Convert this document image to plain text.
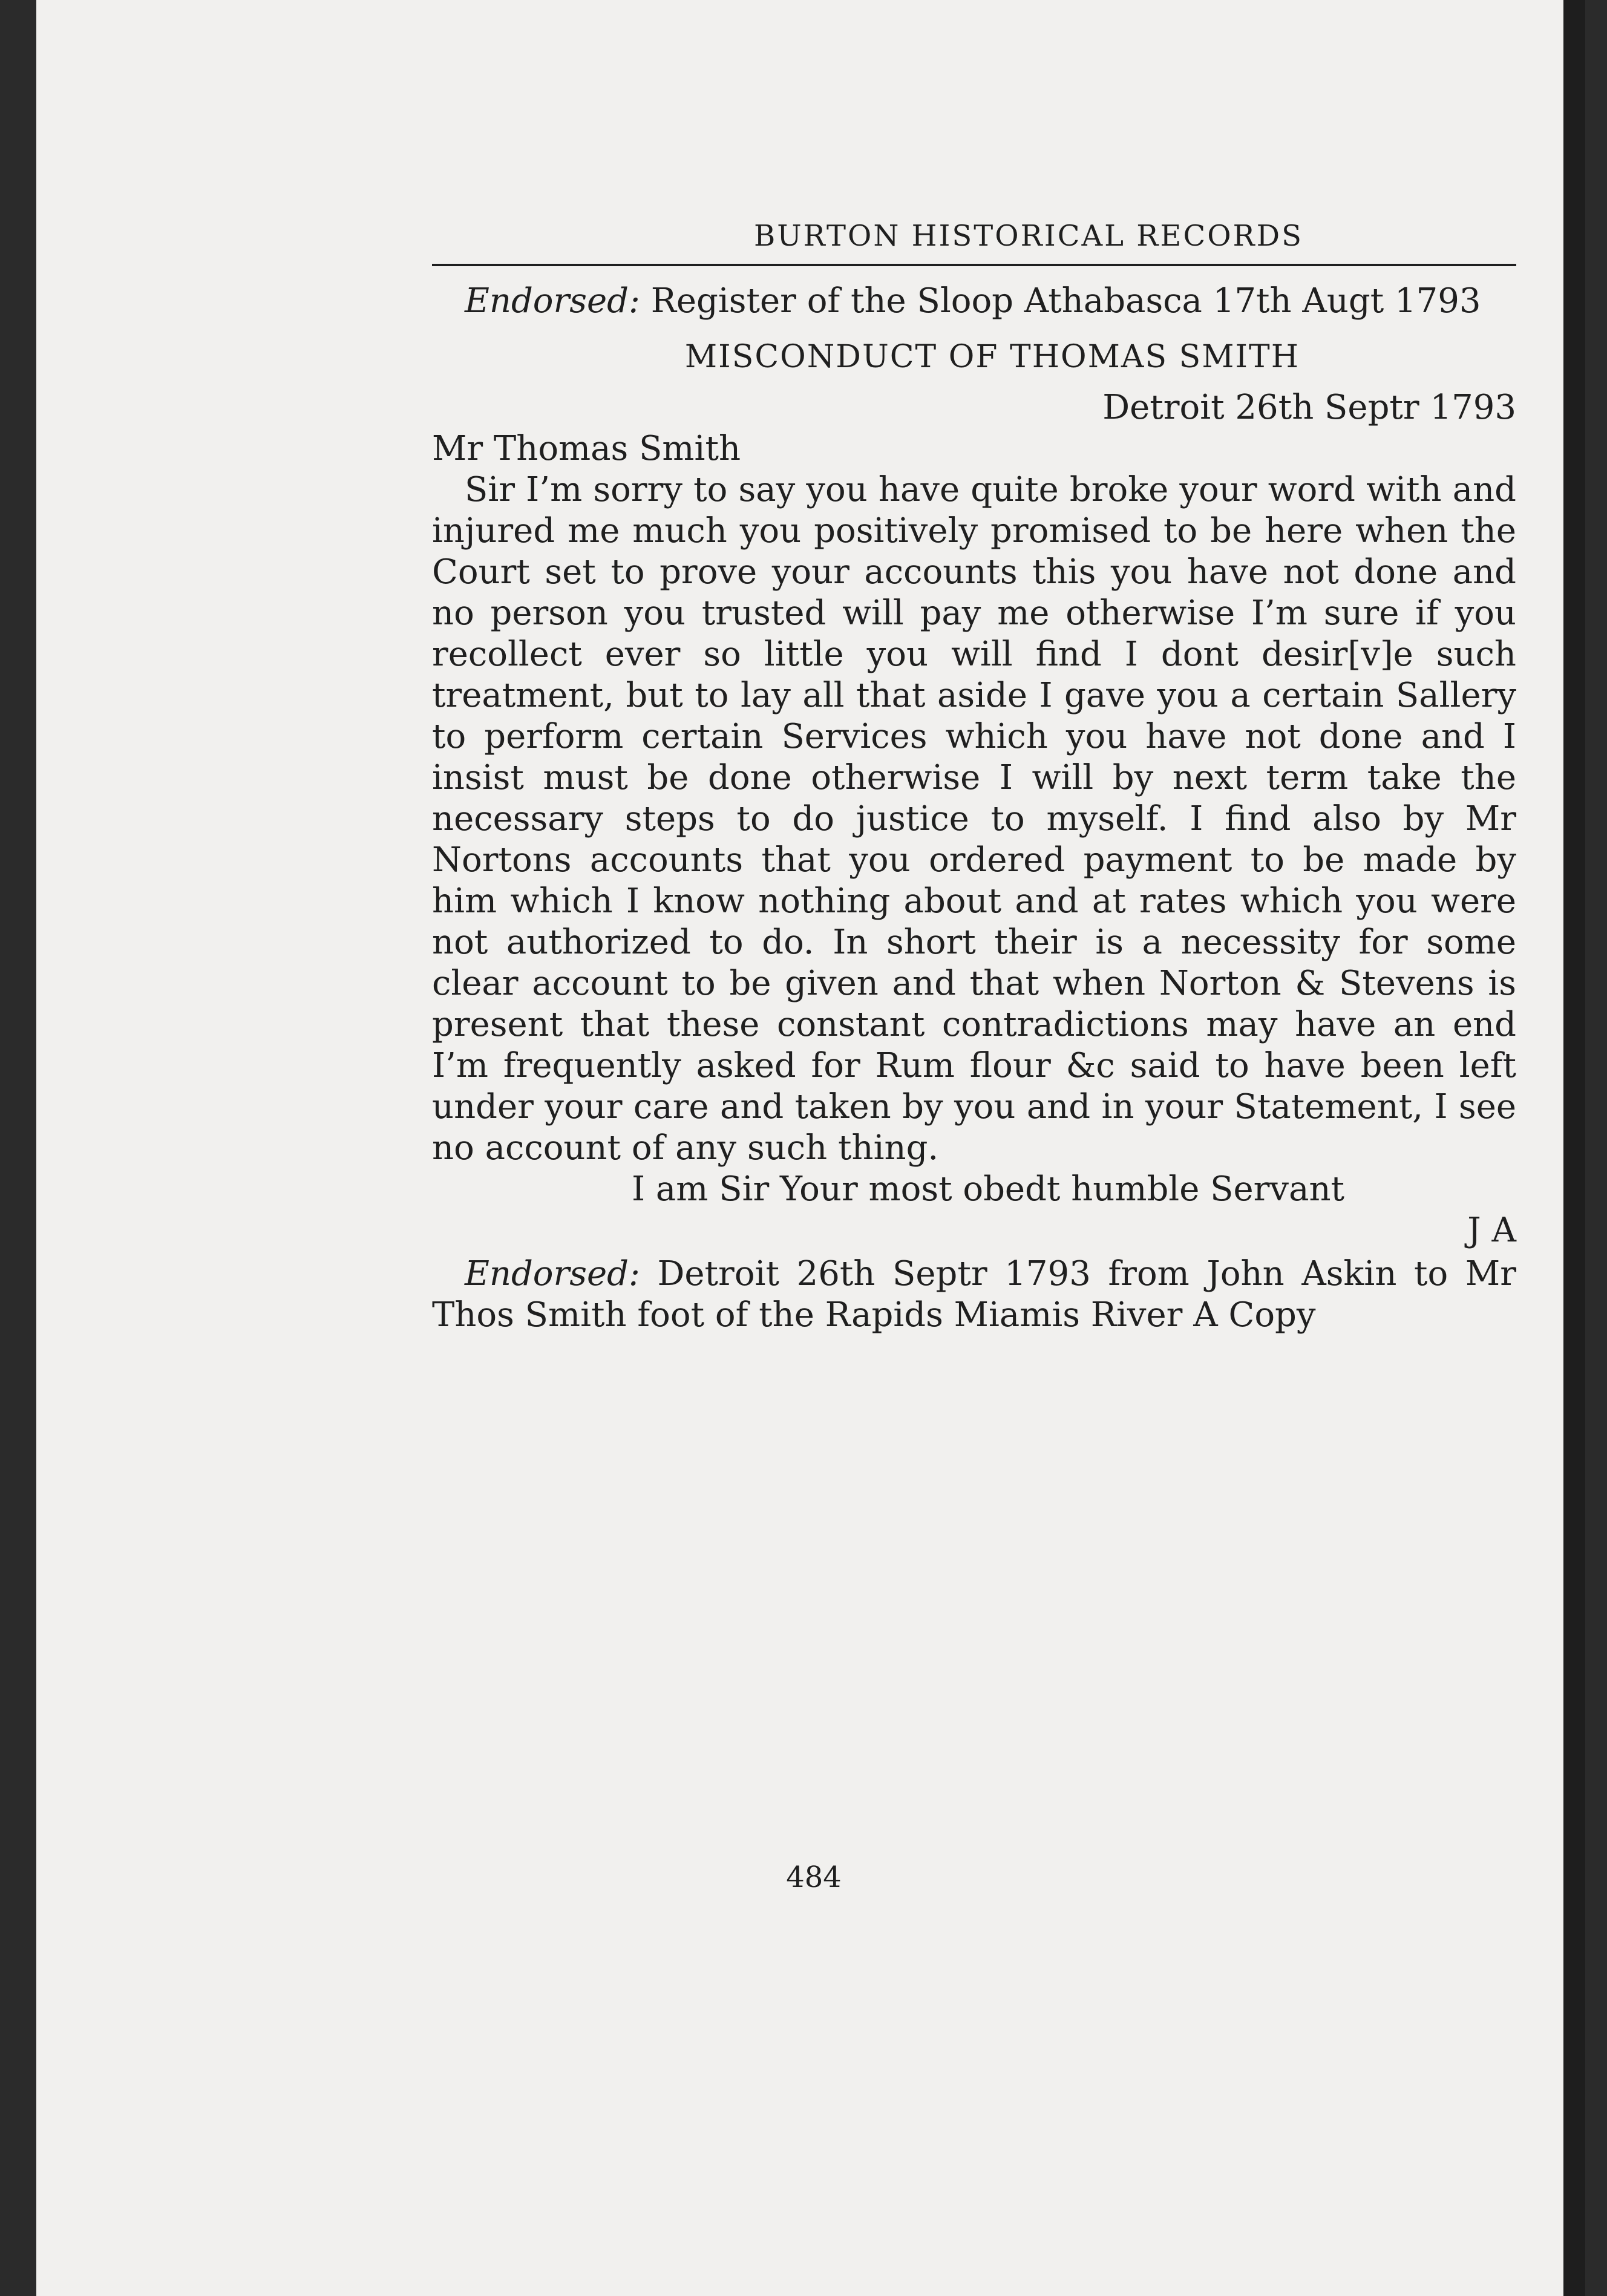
BURTON HISTORICAL RECORDS
Endorsed: Register of the Sloop Athabasca 17th Augt 1793
MISCONDUCT OF THOMAS SMITH
Detroit 26th Septr 1793
Mr Thomas Smith
Sir I’m sorry to say you have quite broke your word with and injured me much you positively promised to be here when the Court set to prove your accounts this you have not done and no person you trusted will pay me otherwise I’m sure if you recollect ever so little you will find I dont desir[v]e such treatment, but to lay all that aside I gave you a certain Sallery to perform certain Services which you have not done and I insist must be done otherwise I will by next term take the necessary steps to do justice to myself. I find also by Mr Nortons accounts that you ordered payment to be made by him which I know nothing about and at rates which you were not authorized to do. In short their is a necessity for some clear account to be given and that when Norton & Stevens is present that these constant contradictions may have an end I’m frequently asked for Rum flour &c said to have been left under your care and taken by you and in your Statement, I see no account of any such thing.
I am Sir Your most obedt humble Servant
J A
Endorsed: Detroit 26th Septr 1793 from John Askin to Mr Thos Smith foot of the Rapids Miamis River A Copy
484
